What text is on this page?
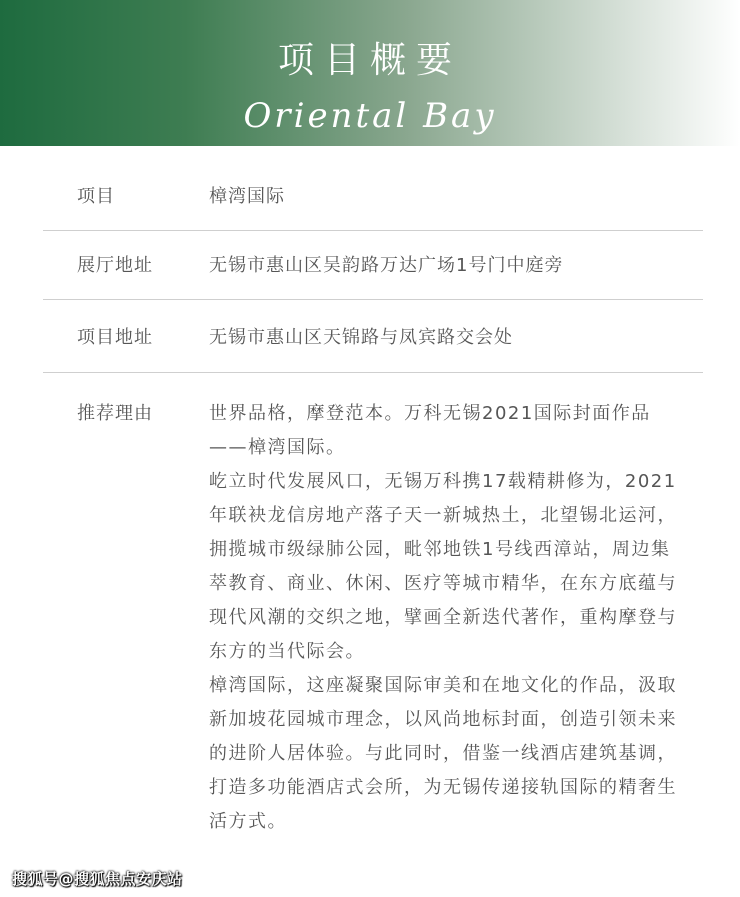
项目概要
Oriental Bay
项目	樟湾国际
展厅地址	无锡市惠山区吴韵路万达广场1号门中庭旁
项目地址	无锡市惠山区天锦路与凤宾路交会处
推荐理由	世界品格，摩登范本。万科无锡2021国际封面作品——樟湾国际。

屹立时代发展风口，无锡万科携17载精耕修为，2021年联袂龙信房地产落子天一新城热土，北望锡北运河，拥揽城市级绿肺公园，毗邻地铁1号线西漳站，周边集萃教育、商业、休闲、医疗等城市精华，在东方底蕴与现代风潮的交织之地，擘画全新迭代著作，重构摩登与东方的当代际会。

樟湾国际，这座凝聚国际审美和在地文化的作品，汲取新加坡花园城市理念，以风尚地标封面，创造引领未来的进阶人居体验。与此同时，借鉴一线酒店建筑基调，打造多功能酒店式会所，为无锡传递接轨国际的精奢生活方式。

搜狐号@搜狐焦点安庆站
